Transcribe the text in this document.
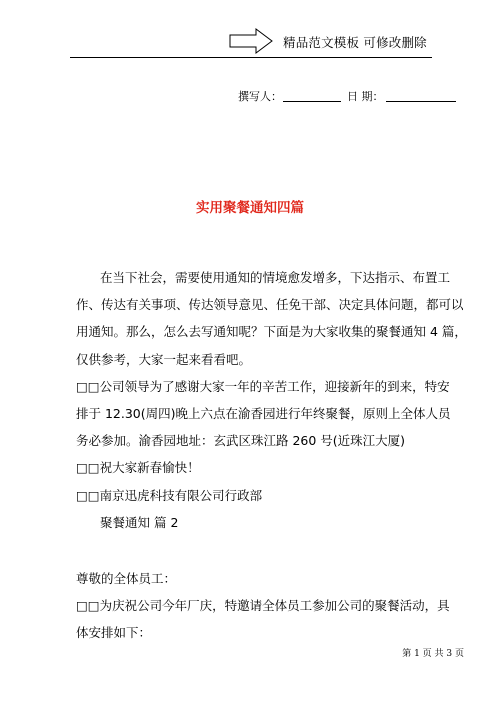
精品范文模板 可修改删除
撰写人：	日 期：
实用聚餐通知四篇
在当下社会，需要使用通知的情境愈发增多，下达指示、布置工
作、传达有关事项、传达领导意见、任免干部、决定具体问题，都可以
用通知。那么，怎么去写通知呢？下面是为大家收集的聚餐通知 4 篇，
仅供参考，大家一起来看看吧。
□□公司领导为了感谢大家一年的辛苦工作，迎接新年的到来，特安
排于 12.30(周四)晚上六点在渝香园进行年终聚餐，原则上全体人员
务必参加。渝香园地址：玄武区珠江路 260 号(近珠江大厦)
□□祝大家新春愉快！
□□南京迅虎科技有限公司行政部
聚餐通知 篇 2
尊敬的全体员工：
□□为庆祝公司今年厂庆，特邀请全体员工参加公司的聚餐活动，具
体安排如下：
第 1 页 共 3 页
